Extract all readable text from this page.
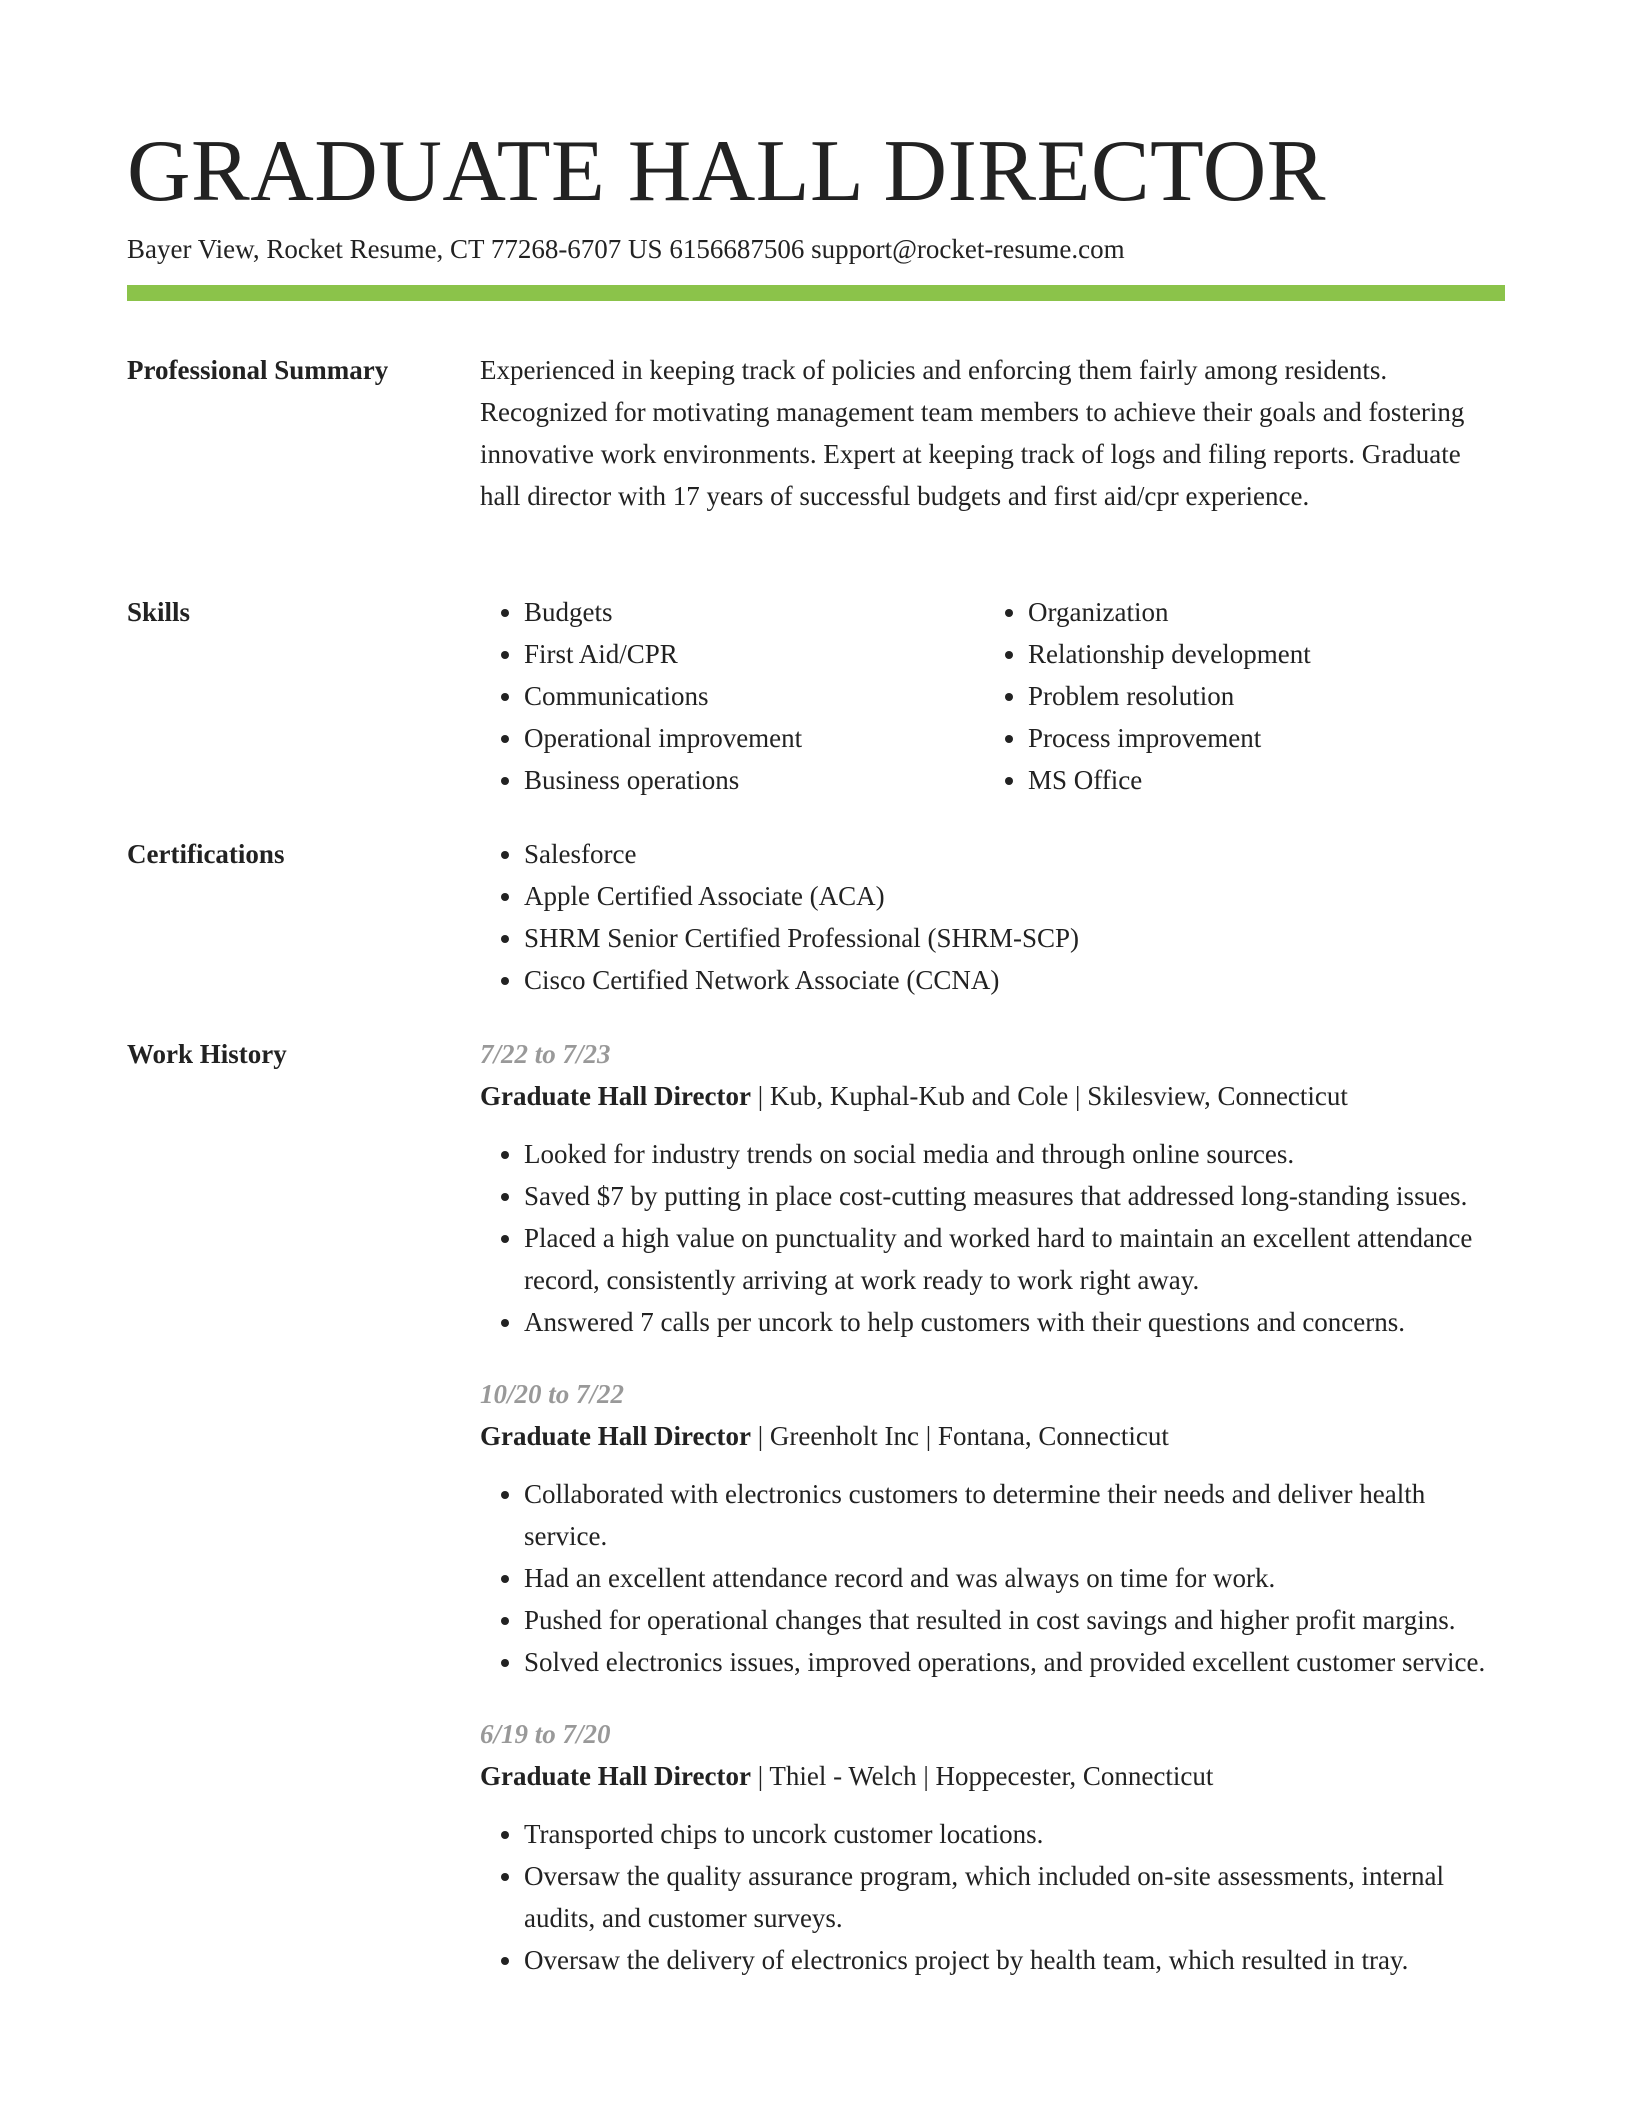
GRADUATE HALL DIRECTOR

Bayer View, Rocket Resume, CT 77268-6707 US 6156687506 support@rocket-resume.com

Professional Summary	Experienced in keeping track of policies and enforcing them fairly among residents. Recognized for motivating management team members to achieve their goals and fostering innovative work environments. Expert at keeping track of logs and filing reports. Graduate hall director with 17 years of successful budgets and first aid/cpr experience.

Skills	• Budgets
• First Aid/CPR
• Communications
• Operational improvement
• Business operations
• Organization
• Relationship development
• Problem resolution
• Process improvement
• MS Office
Certifications	• Salesforce
• Apple Certified Associate (ACA)
• SHRM Senior Certified Professional (SHRM-SCP)
• Cisco Certified Network Associate (CCNA)
Work History	7/22 to 7/23

Graduate Hall Director | Kub, Kuphal-Kub and Cole | Skilesview, Connecticut

• Looked for industry trends on social media and through online sources.
• Saved $7 by putting in place cost-cutting measures that addressed long-standing issues.
• Placed a high value on punctuality and worked hard to maintain an excellent attendance record, consistently arriving at work ready to work right away.
• Answered 7 calls per uncork to help customers with their questions and concerns.

10/20 to 7/22

Graduate Hall Director | Greenholt Inc | Fontana, Connecticut

• Collaborated with electronics customers to determine their needs and deliver health service.
• Had an excellent attendance record and was always on time for work.
• Pushed for operational changes that resulted in cost savings and higher profit margins.
• Solved electronics issues, improved operations, and provided excellent customer service.

6/19 to 7/20

Graduate Hall Director | Thiel - Welch | Hoppecester, Connecticut

• Transported chips to uncork customer locations.
• Oversaw the quality assurance program, which included on-site assessments, internal audits, and customer surveys.
• Oversaw the delivery of electronics project by health team, which resulted in tray.
